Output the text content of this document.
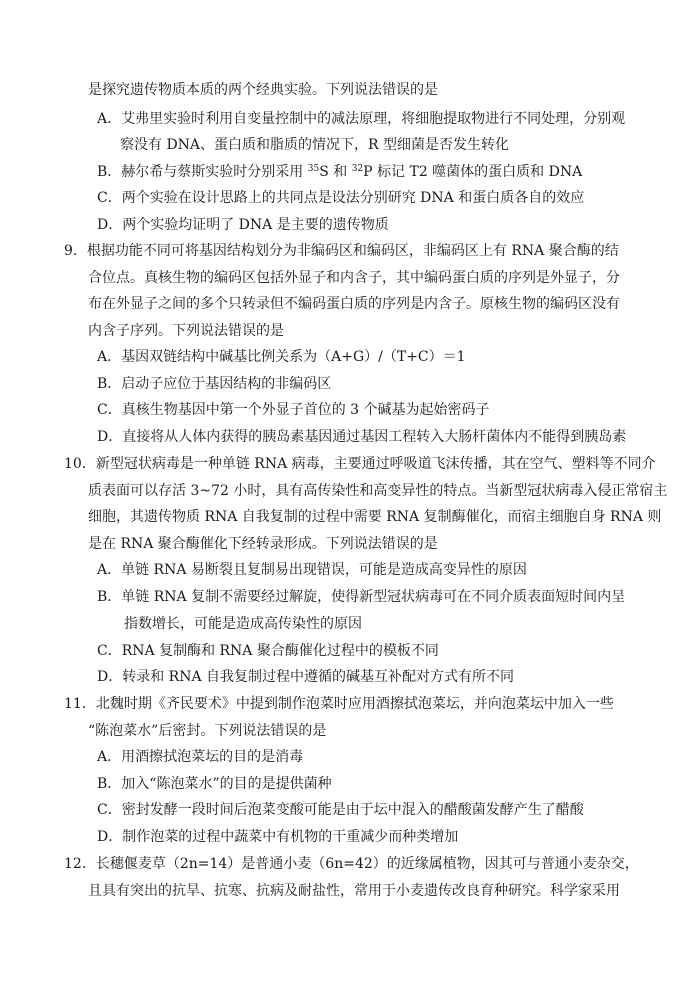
是探究遗传物质本质的两个经典实验。下列说法错误的是
A．艾弗里实验时利用自变量控制中的减法原理，将细胞提取物进行不同处理，分别观
察没有 DNA、蛋白质和脂质的情况下，R 型细菌是否发生转化
B．赫尔希与蔡斯实验时分别采用 $^{35}$S 和 $^{32}$P 标记 T2 噬菌体的蛋白质和 DNA
C．两个实验在设计思路上的共同点是设法分别研究 DNA 和蛋白质各自的效应
D．两个实验均证明了 DNA 是主要的遗传物质
9．根据功能不同可将基因结构划分为非编码区和编码区，非编码区上有 RNA 聚合酶的结
合位点。真核生物的编码区包括外显子和内含子，其中编码蛋白质的序列是外显子，分
布在外显子之间的多个只转录但不编码蛋白质的序列是内含子。原核生物的编码区没有
内含子序列。下列说法错误的是
A．基因双链结构中碱基比例关系为（A+G）/（T+C）＝1
B．启动子应位于基因结构的非编码区
C．真核生物基因中第一个外显子首位的 3 个碱基为起始密码子
D．直接将从人体内获得的胰岛素基因通过基因工程转入大肠杆菌体内不能得到胰岛素
10．新型冠状病毒是一种单链 RNA 病毒，主要通过呼吸道飞沫传播，其在空气、塑料等不同介
质表面可以存活 3~72 小时，具有高传染性和高变异性的特点。当新型冠状病毒入侵正常宿主
细胞，其遗传物质 RNA 自我复制的过程中需要 RNA 复制酶催化，而宿主细胞自身 RNA 则
是在 RNA 聚合酶催化下经转录形成。下列说法错误的是
A．单链 RNA 易断裂且复制易出现错误，可能是造成高变异性的原因
B．单链 RNA 复制不需要经过解旋，使得新型冠状病毒可在不同介质表面短时间内呈
指数增长，可能是造成高传染性的原因
C．RNA 复制酶和 RNA 聚合酶催化过程中的模板不同
D．转录和 RNA 自我复制过程中遵循的碱基互补配对方式有所不同
11．北魏时期《齐民要术》中提到制作泡菜时应用酒擦拭泡菜坛，并向泡菜坛中加入一些
“陈泡菜水”后密封。下列说法错误的是
A．用酒擦拭泡菜坛的目的是消毒
B．加入“陈泡菜水”的目的是提供菌种
C．密封发酵一段时间后泡菜变酸可能是由于坛中混入的醋酸菌发酵产生了醋酸
D．制作泡菜的过程中蔬菜中有机物的干重减少而种类增加
12．长穗偃麦草（2n=14）是普通小麦（6n=42）的近缘属植物，因其可与普通小麦杂交，
且具有突出的抗旱、抗寒、抗病及耐盐性，常用于小麦遗传改良育种研究。科学家采用
